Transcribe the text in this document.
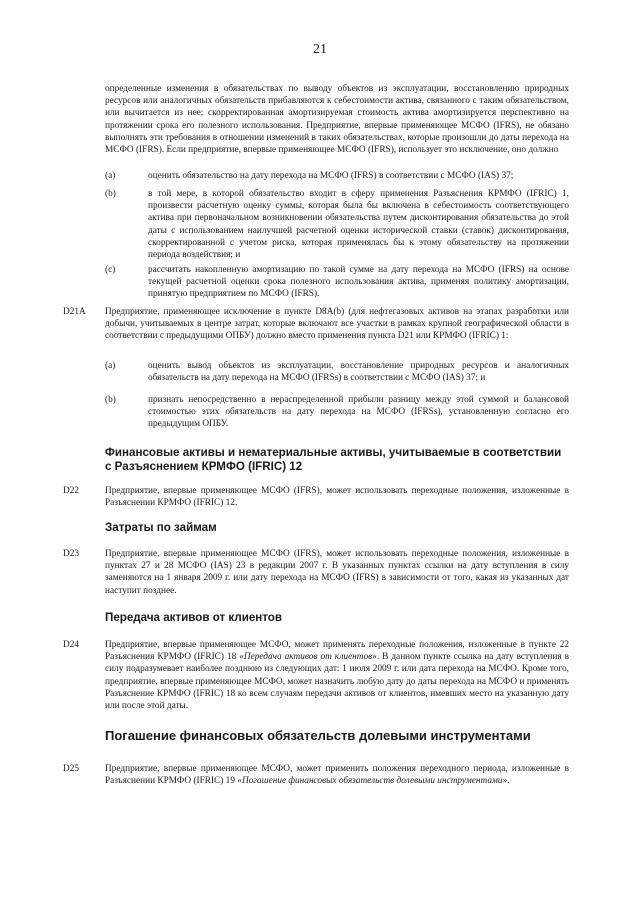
21
определенные изменения в обязательствах по выводу объектов из эксплуатации, восстановлению природных ресурсов или аналогичных обязательств прибавляются к себестоимости актива, связанного с таким обязательством, или вычитается из нее; скорректированная амортизируемая стоимость актива амортизируется перспективно на протяжении срока его полезного использования. Предприятие, впервые применяющее МСФО (IFRS), не обязано выполнять эти требования в отношении изменений в таких обязательствах, которые произошли до даты перехода на МСФО (IFRS). Если предприятие, впервые применяющее МСФО (IFRS), использует это исключение, оно должно
(a)	оценить обязательство на дату перехода на МСФО (IFRS) в соответствии с МСФО (IAS) 37;
(b)	в той мере, в которой обязательство входит в сферу применения Разъяснения КРМФО (IFRIC) 1, произвести расчетную оценку суммы, которая была бы включена в себестоимость соответствующего актива при первоначальном возникновении обязательства путем дисконтирования обязательства до этой даты с использованием наилучшей расчетной оценки исторической ставки (ставок) дисконтирования, скорректированной с учетом риска, которая применялась бы к этому обязательству на протяжении периода воздействия; и
(c)	рассчитать накопленную амортизацию по такой сумме на дату перехода на МСФО (IFRS) на основе текущей расчетной оценки срока полезного использования актива, применяя политику амортизации, принятую предприятием по МСФО (IFRS).
D21A Предприятие, применяющее исключение в пункте D8A(b) (для нефтегазовых активов на этапах разработки или добычи, учитываемых в центре затрат, которые включают все участки в рамках крупной географической области в соответствии с предыдущими ОПБУ) должно вместо применения пункта D21 или КРМФО (IFRIC) 1:
(a)	оценить вывод объектов из эксплуатации, восстановление природных ресурсов и аналогичных обязательств на дату перехода на МСФО (IFRSs) в соответствии с МСФО (IAS) 37; и
(b)	признать непосредственно в нераспределенной прибыли разницу между этой суммой и балансовой стоимостью этих обязательств на дату перехода на МСФО (IFRSs), установленную согласно его предыдущим ОПБУ.
Финансовые активы и нематериальные активы, учитываемые в соответствии с Разъяснением КРМФО (IFRIC) 12
D22	Предприятие, впервые применяющее МСФО (IFRS), может использовать переходные положения, изложенные в Разъяснении КРМФО (IFRIC) 12.
Затраты по займам
D23	Предприятие, впервые применяющее МСФО (IFRS), может использовать переходные положения, изложенные в пунктах 27 и 28 МСФО (IAS) 23 в редакции 2007 г. В указанных пунктах ссылки на дату вступления в силу заменяются на 1 января 2009 г. или дату перехода на МСФО (IFRS) в зависимости от того, какая из указанных дат наступит позднее.
Передача активов от клиентов
D24	Предприятие, впервые применяющее МСФО, может применять переходные положения, изложенные в пункте 22 Разъяснения КРМФО (IFRIC) 18 «Передача активов от клиентов». В данном пункте ссылка на дату вступления в силу подразумевает наиболее позднюю из следующих дат: 1 июля 2009 г. или дата перехода на МСФО. Кроме того, предприятие, впервые применяющее МСФО, может назначить любую дату до даты перехода на МСФО и применять Разъяснение КРМФО (IFRIC) 18 ко всем случаям передачи активов от клиентов, имевших место на указанную дату или после этой даты.
Погашение финансовых обязательств долевыми инструментами
D25	Предприятие, впервые применяющее МСФО, может применить положения переходного периода, изложенные в Разъяснении КРМФО (IFRIC) 19 «Погашение финансовых обязательств долевыми инструментами».
